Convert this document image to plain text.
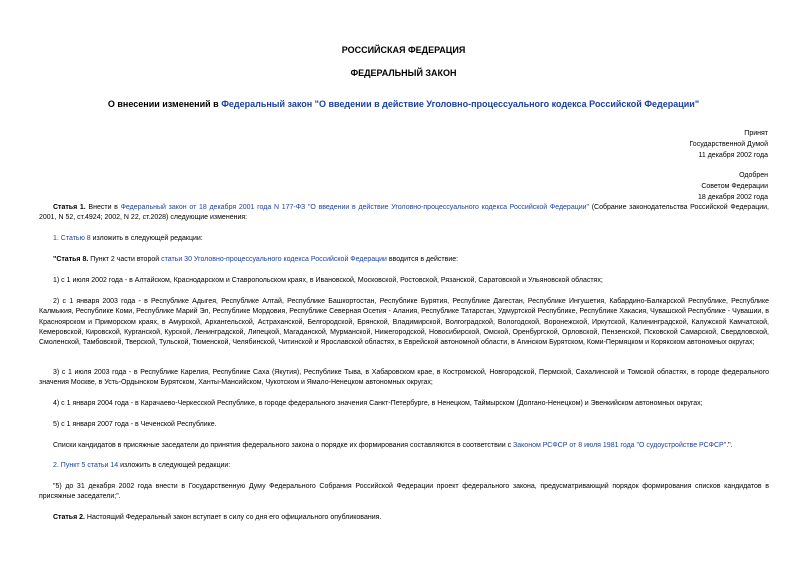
РОССИЙСКАЯ ФЕДЕРАЦИЯ
ФЕДЕРАЛЬНЫЙ ЗАКОН
О внесении изменений в Федеральный закон "О введении в действие Уголовно-процессуального кодекса Российской Федерации"
Принят
Государственной Думой
11 декабря 2002 года
Одобрен
Советом Федерации
18 декабря 2002 года
Статья 1. Внести в Федеральный закон от 18 декабря 2001 года N 177-ФЗ "О введении в действие Уголовно-процессуального кодекса Российской Федерации" (Собрание законодательства Российской Федерации, 2001, N 52, ст.4924; 2002, N 22, ст.2028) следующие изменения:
1. Статью 8 изложить в следующей редакции:
"Статья 8. Пункт 2 части второй статьи 30 Уголовно-процессуального кодекса Российской Федерации вводится в действие:
1) с 1 июля 2002 года - в Алтайском, Краснодарском и Ставропольском краях, в Ивановской, Московской, Ростовской, Рязанской, Саратовской и Ульяновской областях;
2) с 1 января 2003 года - в Республике Адыгея, Республике Алтай, Республике Башкортостан, Республике Бурятия, Республике Дагестан, Республике Ингушетия, Кабардино-Балкарской Республике, Республике Калмыкия, Республике Коми, Республике Марий Эл, Республике Мордовия, Республике Северная Осетия - Алания, Республике Татарстан, Удмуртской Республике, Республике Хакасия, Чувашской Республике - Чувашии, в Красноярском и Приморском краях, в Амурской, Архангельской, Астраханской, Белгородской, Брянской, Владимирской, Волгоградской, Вологодской, Воронежской, Иркутской, Калининградской, Калужской Камчатской, Кемеровской, Кировской, Курганской, Курской, Ленинградской, Липецкой, Магаданской, Мурманской, Нижегородской, Новосибирской, Омской, Оренбургской, Орловской, Пензенской, Псковской Самарской, Свердловской, Смоленской, Тамбовской, Тверской, Тульской, Тюменской, Челябинской, Читинской и Ярославской областях, в Еврейской автономной области, в Агинском Бурятском, Коми-Пермяцком и Корякском автономных округах;
3) с 1 июля 2003 года - в Республике Карелия, Республике Саха (Якутия), Республике Тыва, в Хабаровском крае, в Костромской, Новгородской, Пермской, Сахалинской и Томской областях, в городе федерального значения Москве, в Усть-Ордынском Бурятском, Ханты-Мансийском, Чукотском и Ямало-Ненецком автономных округах;
4) с 1 января 2004 года - в Карачаево-Черкесской Республике, в городе федерального значения Санкт-Петербурге, в Ненецком, Таймырском (Долгано-Ненецком) и Эвенкийском автономных округах;
5) с 1 января 2007 года - в Чеченской Республике.
Списки кандидатов в присяжные заседатели до принятия федерального закона о порядке их формирования составляются в соответствии с Законом РСФСР от 8 июля 1981 года "О судоустройстве РСФСР".".
2. Пункт 5 статьи 14 изложить в следующей редакции:
"5) до 31 декабря 2002 года внести в Государственную Думу Федерального Собрания Российской Федерации проект федерального закона, предусматривающий порядок формирования списков кандидатов в присяжные заседатели;".
Статья 2. Настоящий Федеральный закон вступает в силу со дня его официального опубликования.
